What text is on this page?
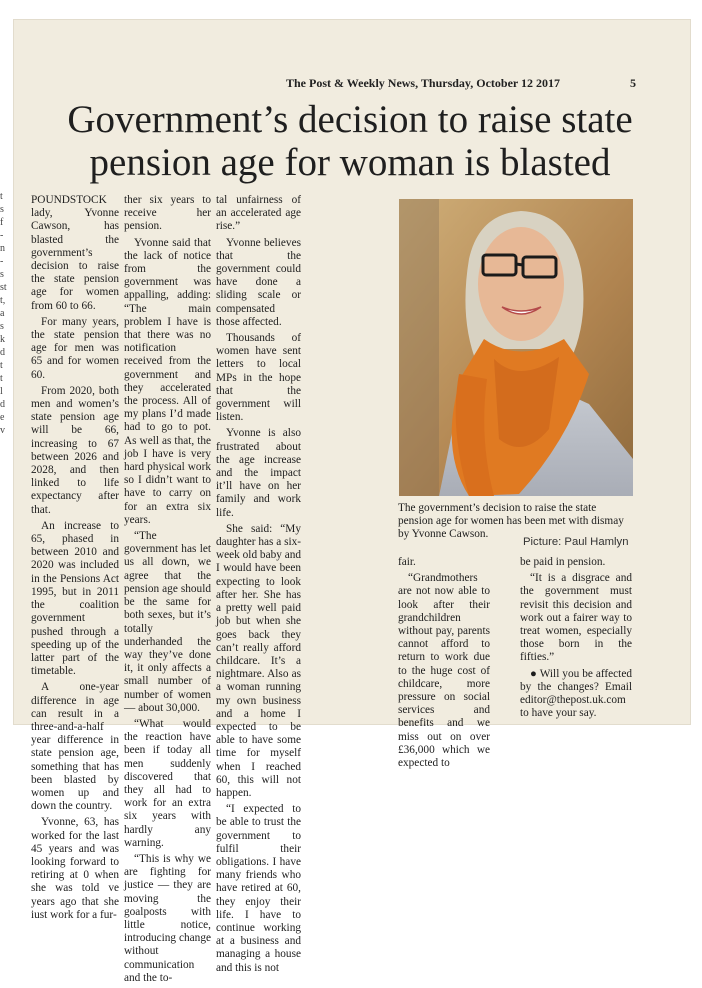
t
s
f
-
n
-
s
st
t,
a
s
k
d
t
t
l
d
e
v
The Post & Weekly News, Thursday, October 12 2017	5
Government’s decision to raise state pension age for woman is blasted

POUNDSTOCK lady, Yvonne Cawson, has blasted the government’s decision to raise the state pension age for women from 60 to 66.

For many years, the state pension age for men was 65 and for women 60.

From 2020, both men and women’s state pension age will be 66, increasing to 67 between 2026 and 2028, and then linked to life expectancy after that.

An increase to 65, phased in between 2010 and 2020 was included in the Pensions Act 1995, but in 2011 the coalition government pushed through a speeding up of the latter part of the timetable.

A one-year difference in age can result in a three-and-a-half year difference in state pension age, something that has been blasted by women up and down the country.

Yvonne, 63, has worked for the last 45 years and was looking forward to retiring at 0 when she was told ve years ago that she iust work for a fur-

ther six years to receive her pension.

Yvonne said that the lack of notice from the government was appalling, adding: “The main problem I have is that there was no notification received from the government and they accelerated the process. All of my plans I’d made had to go to pot. As well as that, the job I have is very hard physical work so I didn’t want to have to carry on for an extra six years.

“The government has let us all down, we agree that the pension age should be the same for both sexes, but it’s totally underhanded the way they’ve done it, it only affects a small number of number of women — about 30,000.

“What would the reaction have been if today all men suddenly discovered that they all had to work for an extra six years with hardly any warning.

“This is why we are fighting for justice — they are moving the goalposts with little notice, introducing change without communication and the to-

tal unfairness of an accelerated age rise.”

Yvonne believes that the government could have done a sliding scale or compensated those affected.

Thousands of women have sent letters to local MPs in the hope that the government will listen.

Yvonne is also frustrated about the age increase and the impact it’ll have on her family and work life.

She said: “My daughter has a six-week old baby and I would have been expecting to look after her. She has a pretty well paid job but when she goes back they can’t really afford childcare. It’s a nightmare. Also as a woman running my own business and a home I expected to be able to have some time for myself when I reached 60, this will not happen.

“I expected to be able to trust the government to fulfil their obligations. I have many friends who have retired at 60, they enjoy their life. I have to continue working at a business and managing a house and this is not

The government’s decision to raise the state pension age for women has been met with dismay by Yvonne Cawson.
Picture: Paul Hamlyn

fair.

“Grandmothers are not now able to look after their grandchildren without pay, parents cannot afford to return to work due to the huge cost of childcare, more pressure on social services and benefits and we miss out on over £36,000 which we expected to

be paid in pension.

“It is a disgrace and the government must revisit this decision and work out a fairer way to treat women, especially those born in the fifties.”

● Will you be affected by the changes? Email editor@thepost.uk.com to have your say.
